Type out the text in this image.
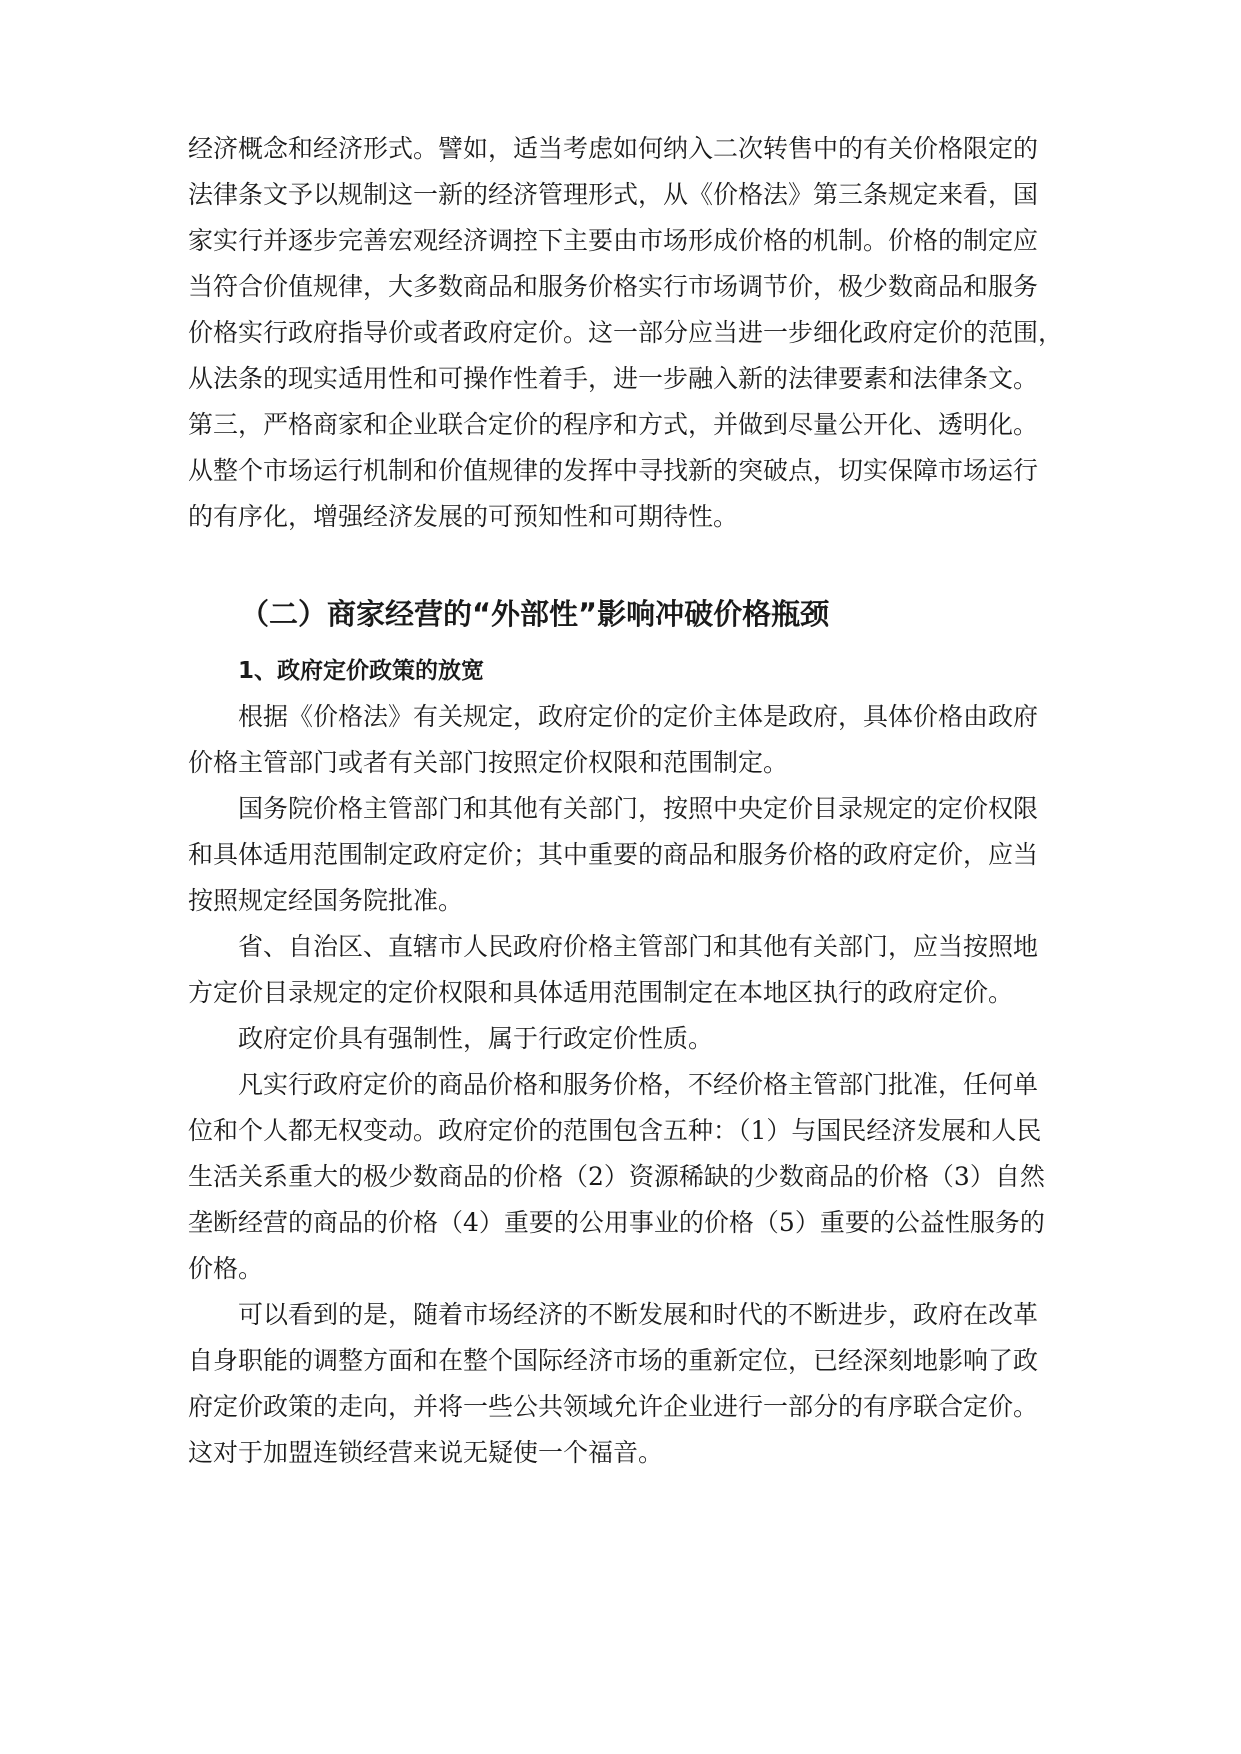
经济概念和经济形式。譬如，适当考虑如何纳入二次转售中的有关价格限定的
法律条文予以规制这一新的经济管理形式，从《价格法》第三条规定来看，国
家实行并逐步完善宏观经济调控下主要由市场形成价格的机制。价格的制定应
当符合价值规律，大多数商品和服务价格实行市场调节价，极少数商品和服务
价格实行政府指导价或者政府定价。这一部分应当进一步细化政府定价的范围，
从法条的现实适用性和可操作性着手，进一步融入新的法律要素和法律条文。
第三，严格商家和企业联合定价的程序和方式，并做到尽量公开化、透明化。
从整个市场运行机制和价值规律的发挥中寻找新的突破点，切实保障市场运行
的有序化，增强经济发展的可预知性和可期待性。
（二）商家经营的“外部性”影响冲破价格瓶颈
1、政府定价政策的放宽
根据《价格法》有关规定，政府定价的定价主体是政府，具体价格由政府
价格主管部门或者有关部门按照定价权限和范围制定。
国务院价格主管部门和其他有关部门，按照中央定价目录规定的定价权限
和具体适用范围制定政府定价；其中重要的商品和服务价格的政府定价，应当
按照规定经国务院批准。
省、自治区、直辖市人民政府价格主管部门和其他有关部门，应当按照地
方定价目录规定的定价权限和具体适用范围制定在本地区执行的政府定价。
政府定价具有强制性，属于行政定价性质。
凡实行政府定价的商品价格和服务价格，不经价格主管部门批准，任何单
位和个人都无权变动。政府定价的范围包含五种：（1）与国民经济发展和人民
生活关系重大的极少数商品的价格（2）资源稀缺的少数商品的价格（3）自然
垄断经营的商品的价格（4）重要的公用事业的价格（5）重要的公益性服务的
价格。
可以看到的是，随着市场经济的不断发展和时代的不断进步，政府在改革
自身职能的调整方面和在整个国际经济市场的重新定位，已经深刻地影响了政
府定价政策的走向，并将一些公共领域允许企业进行一部分的有序联合定价。
这对于加盟连锁经营来说无疑使一个福音。
